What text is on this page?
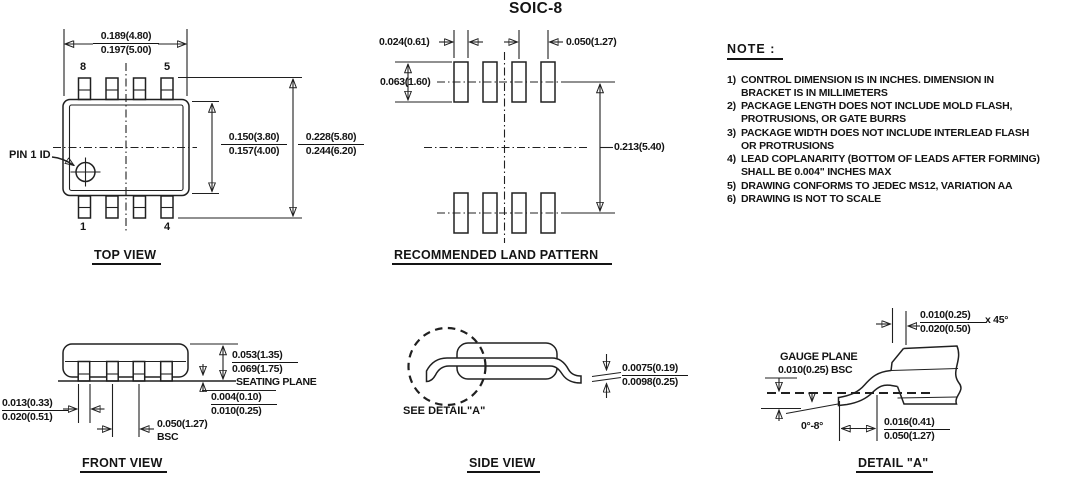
SOIC-8
0.189(4.80)
0.197(5.00)
8	5
1	4
PIN 1 ID
0.150(3.80)
0.157(4.00)
0.228(5.80)
0.244(6.20)
TOP VIEW
0.024(0.61)	0.050(1.27)
0.063(1.60)
0.213(5.40)
RECOMMENDED LAND PATTERN
NOTE :
1) CONTROL DIMENSION IS IN INCHES. DIMENSION IN
BRACKET IS IN MILLIMETERS
2) PACKAGE LENGTH DOES NOT INCLUDE MOLD FLASH,
PROTRUSIONS, OR GATE BURRS
3) PACKAGE WIDTH DOES NOT INCLUDE INTERLEAD FLASH
OR PROTRUSIONS
4) LEAD COPLANARITY (BOTTOM OF LEADS AFTER FORMING)
SHALL BE 0.004" INCHES MAX
5) DRAWING CONFORMS TO JEDEC MS12, VARIATION AA
6) DRAWING IS NOT TO SCALE
0.053(1.35)
0.069(1.75)
SEATING PLANE
0.004(0.10)
0.010(0.25)
0.013(0.33)
0.020(0.51)
0.050(1.27)
BSC
FRONT VIEW
SEE DETAIL"A"
0.0075(0.19)
0.0098(0.25)
SIDE VIEW
0.010(0.25)
0.020(0.50)
x 45°
GAUGE PLANE
0.010(0.25) BSC
0°-8°	0.016(0.41)
0.050(1.27)
DETAIL "A"
